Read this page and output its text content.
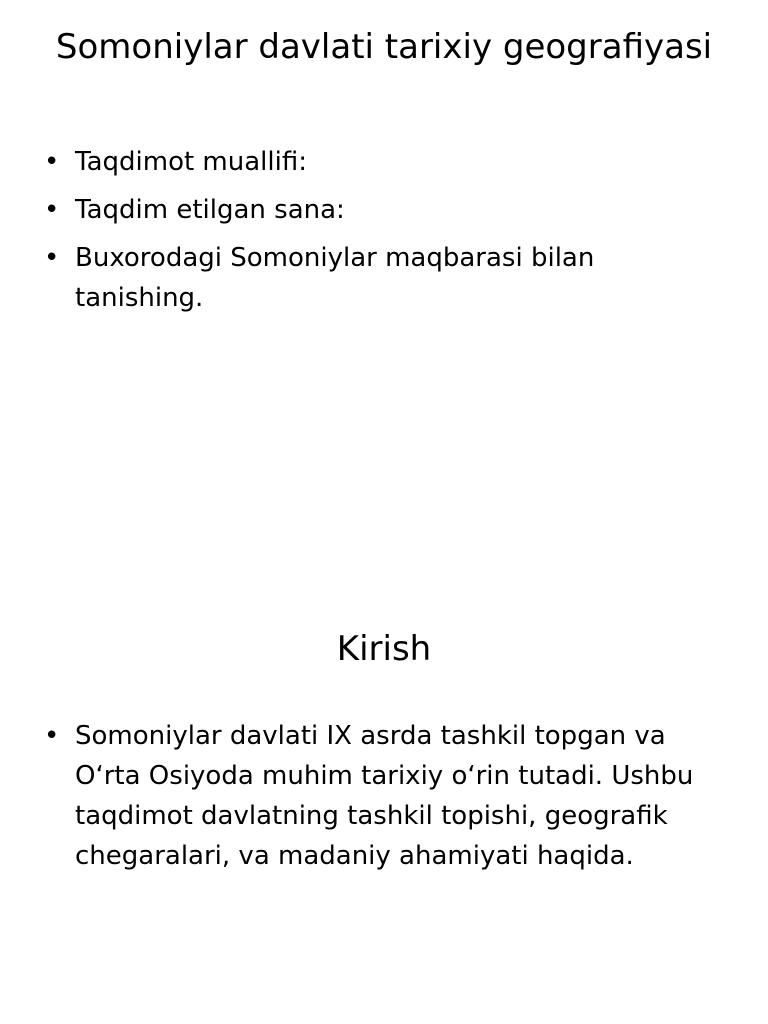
Somoniylar davlati tarixiy geografiyasi
• Taqdimot muallifi:
• Taqdim etilgan sana:
• Buxorodagi Somoniylar maqbarasi bilan tanishing.
Kirish
• Somoniylar davlati IX asrda tashkil topgan va O‘rta Osiyoda muhim tarixiy o‘rin tutadi. Ushbu taqdimot davlatning tashkil topishi, geografik chegaralari, va madaniy ahamiyati haqida.
